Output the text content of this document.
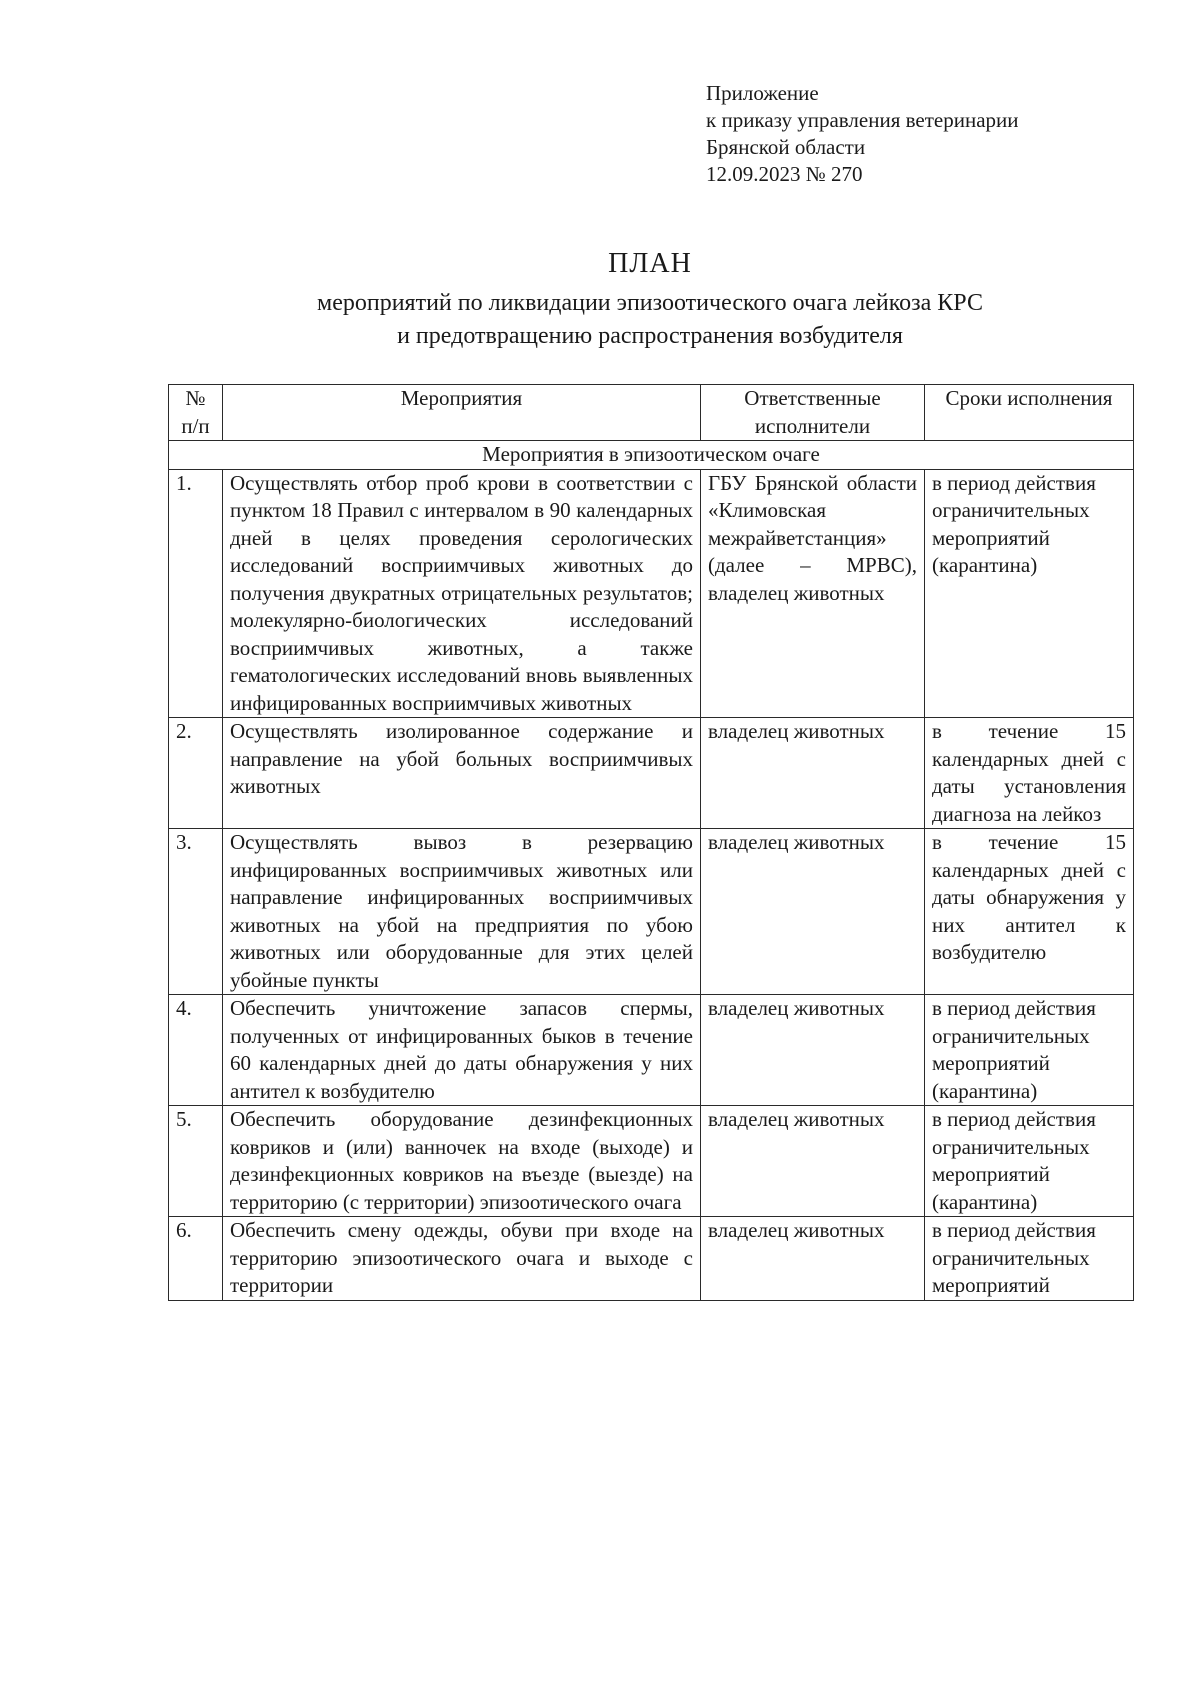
Приложение
к приказу управления ветеринарии
Брянской области
12.09.2023 № 270
ПЛАН
мероприятий по ликвидации эпизоотического очага лейкоза КРС
и предотвращению распространения возбудителя
№ п/п	Мероприятия	Ответственные исполнители	Сроки исполнения
Мероприятия в эпизоотическом очаге			
1.	Осуществлять отбор проб крови в соответствии с пунктом 18 Правил с интервалом в 90 календарных дней в целях проведения серологических исследований восприимчивых животных до получения двукратных отрицательных результатов; молекулярно-биологических исследований восприимчивых животных, а также гематологических исследований вновь выявленных инфицированных восприимчивых животных	ГБУ Брянской области «Климовская межрайветстанция» (далее – МРВС), владелец животных	в период действия ограничительных мероприятий (карантина)
2.	Осуществлять изолированное содержание и направление на убой больных восприимчивых животных	владелец животных	в течение 15 календарных дней с даты установления диагноза на лейкоз
3.	Осуществлять вывоз в резервацию инфицированных восприимчивых животных или направление инфицированных восприимчивых животных на убой на предприятия по убою животных или оборудованные для этих целей убойные пункты	владелец животных	в течение 15 календарных дней с даты обнаружения у них антител к возбудителю
4.	Обеспечить уничтожение запасов спермы, полученных от инфицированных быков в течение 60 календарных дней до даты обнаружения у них антител к возбудителю	владелец животных	в период действия ограничительных мероприятий (карантина)
5.	Обеспечить оборудование дезинфекционных ковриков и (или) ванночек на входе (выходе) и дезинфекционных ковриков на въезде (выезде) на территорию (с территории) эпизоотического очага	владелец животных	в период действия ограничительных мероприятий (карантина)
6.	Обеспечить смену одежды, обуви при входе на территорию эпизоотического очага и выходе с территории	владелец животных	в период действия ограничительных мероприятий
